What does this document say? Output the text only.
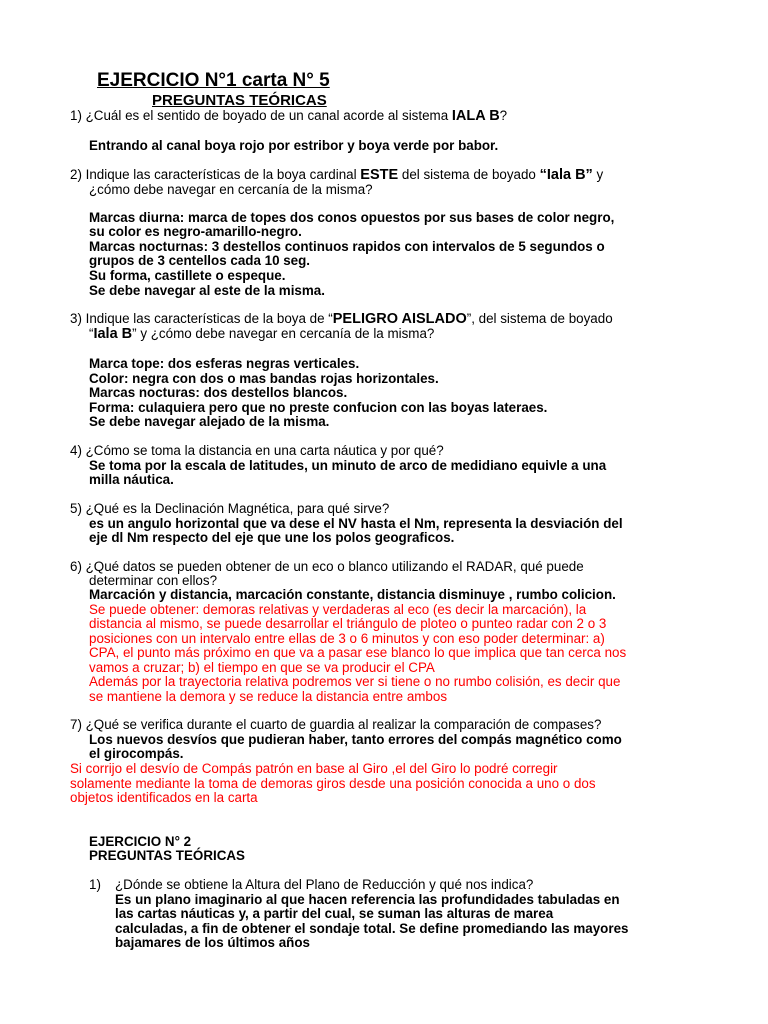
EJERCICIO N°1 carta N° 5
PREGUNTAS TEÓRICAS
1) ¿Cuál es el sentido de boyado de un canal acorde al sistema IALA B?
Entrando al canal boya rojo por estribor y boya verde por babor.
2) Indique las características de la boya cardinal ESTE del sistema de boyado “Iala B” y
¿cómo debe navegar en cercanía de la misma?
Marcas diurna: marca de topes dos conos opuestos por sus bases de color negro,
su color es negro-amarillo-negro.
Marcas nocturnas: 3 destellos continuos rapidos con intervalos de 5 segundos o
grupos de 3 centellos cada 10 seg.
Su forma, castillete o espeque.
Se debe navegar al este de la misma.
3) Indique las características de la boya de “PELIGRO AISLADO”, del sistema de boyado
“Iala B” y ¿cómo debe navegar en cercanía de la misma?
Marca tope: dos esferas negras verticales.
Color: negra con dos o mas bandas rojas horizontales.
Marcas nocturas: dos destellos blancos.
Forma: culaquiera pero que no preste confucion con las boyas lateraes.
Se debe navegar alejado de la misma.
4) ¿Cómo se toma la distancia en una carta náutica y por qué?
Se toma por la escala de latitudes, un minuto de arco de medidiano equivle a una
milla náutica.
5) ¿Qué es la Declinación Magnética, para qué sirve?
es un angulo horizontal que va dese el NV hasta el Nm, representa la desviación del
eje dl Nm respecto del eje que une los polos geograficos.
6) ¿Qué datos se pueden obtener de un eco o blanco utilizando el RADAR, qué puede
determinar con ellos?
Marcación y distancia, marcación constante, distancia disminuye , rumbo colicion.
Se puede obtener: demoras relativas y verdaderas al eco (es decir la marcación), la
distancia al mismo, se puede desarrollar el triángulo de ploteo o punteo radar con 2 o 3
posiciones con un intervalo entre ellas de 3 o 6 minutos y con eso poder determinar: a)
CPA, el punto más próximo en que va a pasar ese blanco lo que implica que tan cerca nos
vamos a cruzar; b) el tiempo en que se va producir el CPA
Además por la trayectoria relativa podremos ver si tiene o no rumbo colisión, es decir que
se mantiene la demora y se reduce la distancia entre ambos
7) ¿Qué se verifica durante el cuarto de guardia al realizar la comparación de compases?
Los nuevos desvíos que pudieran haber, tanto errores del compás magnético como
el girocompás.
Si corrijo el desvío de Compás patrón en base al Giro ,el del Giro lo podré corregir
solamente mediante la toma de demoras giros desde una posición conocida a uno o dos
objetos identificados en la carta
EJERCICIO N° 2
PREGUNTAS TEÓRICAS
1) ¿Dónde se obtiene la Altura del Plano de Reducción y qué nos indica?
Es un plano imaginario al que hacen referencia las profundidades tabuladas en
las cartas náuticas y, a partir del cual, se suman las alturas de marea
calculadas, a fin de obtener el sondaje total. Se define promediando las mayores
bajamares de los últimos años
